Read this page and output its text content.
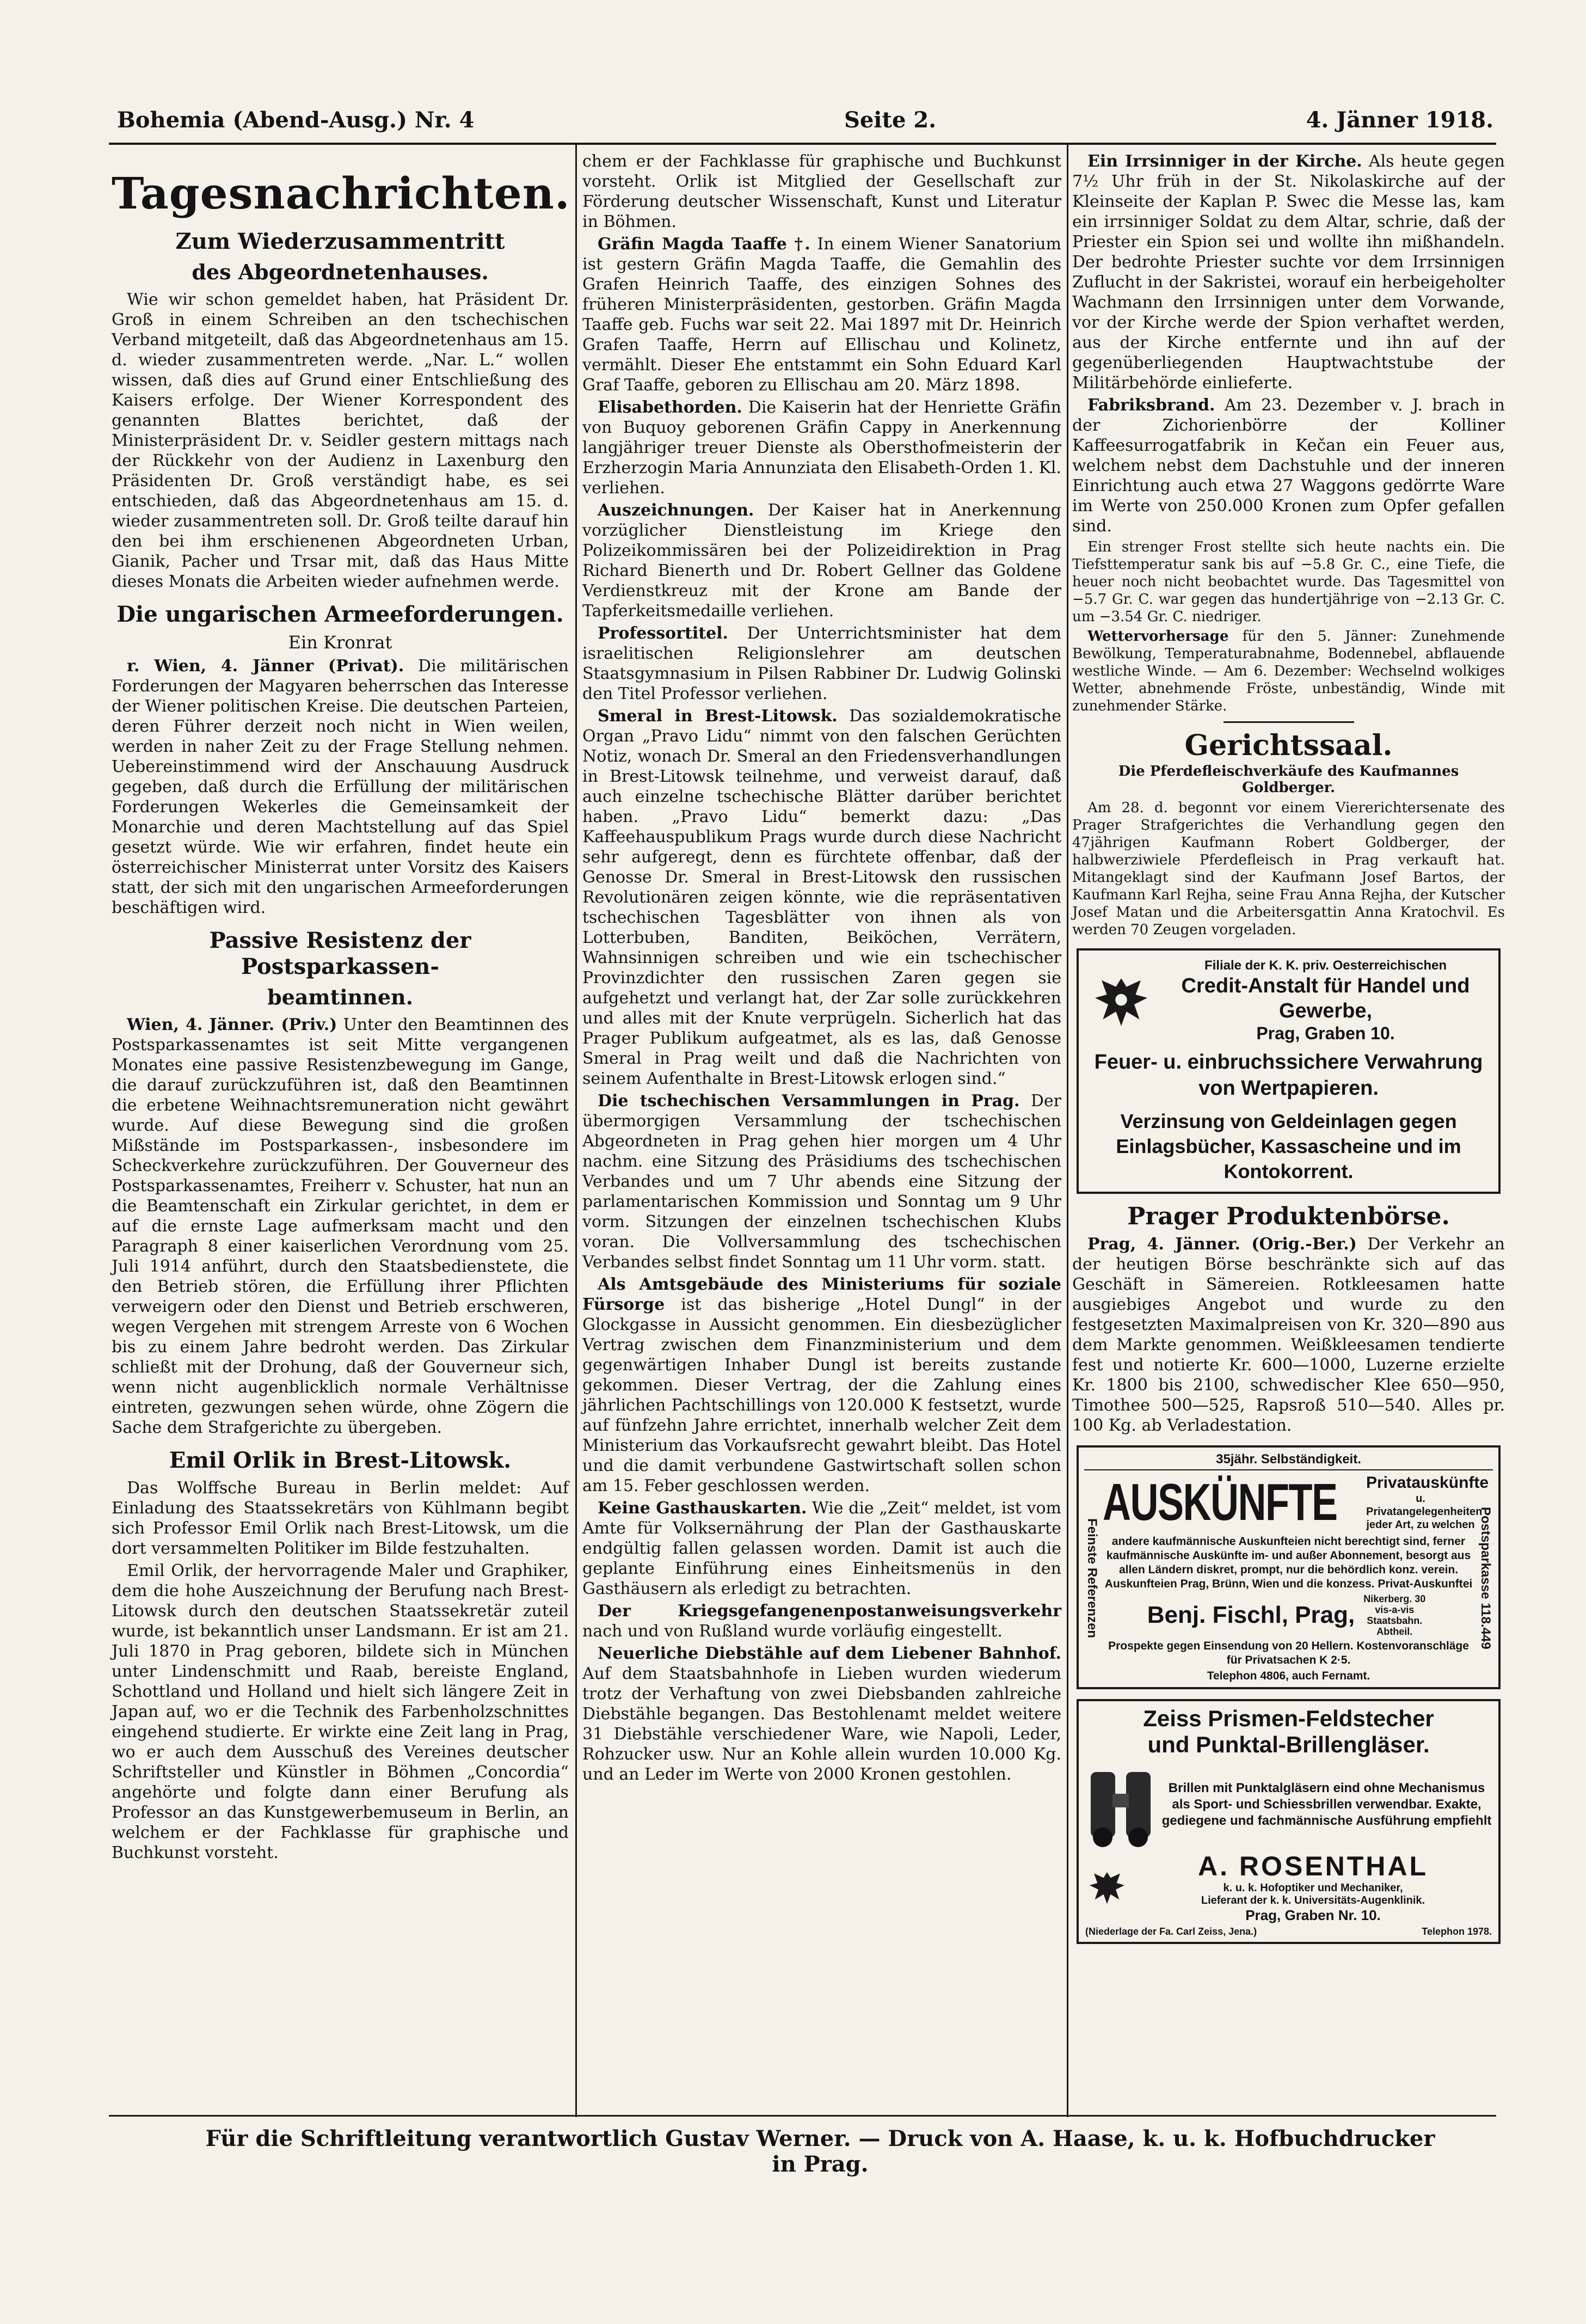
Bohemia (Abend-Ausg.) Nr. 4	Seite 2.	4. Jänner 1918.
Tagesnachrichten.
Zum Wiederzusammentritt
des Abgeordnetenhauses.

Wie wir schon gemeldet haben, hat Präsident Dr. Groß in einem Schreiben an den tschechischen Verband mitgeteilt, daß das Abgeordnetenhaus am 15. d. wieder zusammentreten werde. „Nar. L.“ wollen wissen, daß dies auf Grund einer Entschließung des Kaisers erfolge. Der Wiener Korrespondent des genannten Blattes berichtet, daß der Ministerpräsident Dr. v. Seidler gestern mittags nach der Rückkehr von der Audienz in Laxenburg den Präsidenten Dr. Groß verständigt habe, es sei entschieden, daß das Abgeordnetenhaus am 15. d. wieder zusammentreten soll. Dr. Groß teilte darauf hin den bei ihm erschienenen Abgeordneten Urban, Gianik, Pacher und Trsar mit, daß das Haus Mitte dieses Monats die Arbeiten wieder aufnehmen werde.

Die ungarischen Armeeforderungen.
Ein Kronrat

r. Wien, 4. Jänner (Privat). Die militärischen Forderungen der Magyaren beherrschen das Interesse der Wiener politischen Kreise. Die deutschen Parteien, deren Führer derzeit noch nicht in Wien weilen, werden in naher Zeit zu der Frage Stellung nehmen. Uebereinstimmend wird der Anschauung Ausdruck gegeben, daß durch die Erfüllung der militärischen Forderungen Wekerles die Gemeinsamkeit der Monarchie und deren Machtstellung auf das Spiel gesetzt würde. Wie wir erfahren, findet heute ein österreichischer Ministerrat unter Vorsitz des Kaisers statt, der sich mit den ungarischen Armeeforderungen beschäftigen wird.

Passive Resistenz der Postsparkassen-
beamtinnen.

Wien, 4. Jänner. (Priv.) Unter den Beamtinnen des Postsparkassenamtes ist seit Mitte vergangenen Monates eine passive Resistenzbewegung im Gange, die darauf zurückzuführen ist, daß den Beamtinnen die erbetene Weihnachtsremuneration nicht gewährt wurde. Auf diese Bewegung sind die großen Mißstände im Postsparkassen-, insbesondere im Scheckverkehre zurückzuführen. Der Gouverneur des Postsparkassenamtes, Freiherr v. Schuster, hat nun an die Beamtenschaft ein Zirkular gerichtet, in dem er auf die ernste Lage aufmerksam macht und den Paragraph 8 einer kaiserlichen Verordnung vom 25. Juli 1914 anführt, durch den Staatsbedienstete, die den Betrieb stören, die Erfüllung ihrer Pflichten verweigern oder den Dienst und Betrieb erschweren, wegen Vergehen mit strengem Arreste von 6 Wochen bis zu einem Jahre bedroht werden. Das Zirkular schließt mit der Drohung, daß der Gouverneur sich, wenn nicht augenblicklich normale Verhältnisse eintreten, gezwungen sehen würde, ohne Zögern die Sache dem Strafgerichte zu übergeben.

Emil Orlik in Brest-Litowsk.

Das Wolffsche Bureau in Berlin meldet: Auf Einladung des Staatssekretärs von Kühlmann begibt sich Professor Emil Orlik nach Brest-Litowsk, um die dort versammelten Politiker im Bilde festzuhalten.

Emil Orlik, der hervorragende Maler und Graphiker, dem die hohe Auszeichnung der Berufung nach Brest-Litowsk durch den deutschen Staatssekretär zuteil wurde, ist bekanntlich unser Landsmann. Er ist am 21. Juli 1870 in Prag geboren, bildete sich in München unter Lindenschmitt und Raab, bereiste England, Schottland und Holland und hielt sich längere Zeit in Japan auf, wo er die Technik des Farbenholzschnittes eingehend studierte. Er wirkte eine Zeit lang in Prag, wo er auch dem Ausschuß des Vereines deutscher Schriftsteller und Künstler in Böhmen „Concordia“ angehörte und folgte dann einer Berufung als Professor an das Kunstgewerbemuseum in Berlin, an welchem er der Fachklasse für graphische und Buchkunst vorsteht.

chem er der Fachklasse für graphische und Buchkunst vorsteht. Orlik ist Mitglied der Gesellschaft zur Förderung deutscher Wissenschaft, Kunst und Literatur in Böhmen.

Gräfin Magda Taaffe †. In einem Wiener Sanatorium ist gestern Gräfin Magda Taaffe, die Gemahlin des Grafen Heinrich Taaffe, des einzigen Sohnes des früheren Ministerpräsidenten, gestorben. Gräfin Magda Taaffe geb. Fuchs war seit 22. Mai 1897 mit Dr. Heinrich Grafen Taaffe, Herrn auf Ellischau und Kolinetz, vermählt. Dieser Ehe entstammt ein Sohn Eduard Karl Graf Taaffe, geboren zu Ellischau am 20. März 1898.

Elisabethorden. Die Kaiserin hat der Henriette Gräfin von Buquoy geborenen Gräfin Cappy in Anerkennung langjähriger treuer Dienste als Obersthofmeisterin der Erzherzogin Maria Annunziata den Elisabeth-Orden 1. Kl. verliehen.

Auszeichnungen. Der Kaiser hat in Anerkennung vorzüglicher Dienstleistung im Kriege den Polizeikommissären bei der Polizeidirektion in Prag Richard Bienerth und Dr. Robert Gellner das Goldene Verdienstkreuz mit der Krone am Bande der Tapferkeitsmedaille verliehen.

Professortitel. Der Unterrichtsminister hat dem israelitischen Religionslehrer am deutschen Staatsgymnasium in Pilsen Rabbiner Dr. Ludwig Golinski den Titel Professor verliehen.

Smeral in Brest-Litowsk. Das sozialdemokratische Organ „Pravo Lidu“ nimmt von den falschen Gerüchten Notiz, wonach Dr. Smeral an den Friedensverhandlungen in Brest-Litowsk teilnehme, und verweist darauf, daß auch einzelne tschechische Blätter darüber berichtet haben. „Pravo Lidu“ bemerkt dazu: „Das Kaffeehauspublikum Prags wurde durch diese Nachricht sehr aufgeregt, denn es fürchtete offenbar, daß der Genosse Dr. Smeral in Brest-Litowsk den russischen Revolutionären zeigen könnte, wie die repräsentativen tschechischen Tagesblätter von ihnen als von Lotterbuben, Banditen, Beiköchen, Verrätern, Wahnsinnigen schreiben und wie ein tschechischer Provinzdichter den russischen Zaren gegen sie aufgehetzt und verlangt hat, der Zar solle zurückkehren und alles mit der Knute verprügeln. Sicherlich hat das Prager Publikum aufgeatmet, als es las, daß Genosse Smeral in Prag weilt und daß die Nachrichten von seinem Aufenthalte in Brest-Litowsk erlogen sind.“

Die tschechischen Versammlungen in Prag. Der übermorgigen Versammlung der tschechischen Abgeordneten in Prag gehen hier morgen um 4 Uhr nachm. eine Sitzung des Präsidiums des tschechischen Verbandes und um 7 Uhr abends eine Sitzung der parlamentarischen Kommission und Sonntag um 9 Uhr vorm. Sitzungen der einzelnen tschechischen Klubs voran. Die Vollversammlung des tschechischen Verbandes selbst findet Sonntag um 11 Uhr vorm. statt.

Als Amtsgebäude des Ministeriums für soziale Fürsorge ist das bisherige „Hotel Dungl“ in der Glockgasse in Aussicht genommen. Ein diesbezüglicher Vertrag zwischen dem Finanzministerium und dem gegenwärtigen Inhaber Dungl ist bereits zustande gekommen. Dieser Vertrag, der die Zahlung eines jährlichen Pachtschillings von 120.000 K festsetzt, wurde auf fünfzehn Jahre errichtet, innerhalb welcher Zeit dem Ministerium das Vorkaufsrecht gewahrt bleibt. Das Hotel und die damit verbundene Gastwirtschaft sollen schon am 15. Feber geschlossen werden.

Keine Gasthauskarten. Wie die „Zeit“ meldet, ist vom Amte für Volksernährung der Plan der Gasthauskarte endgültig fallen gelassen worden. Damit ist auch die geplante Einführung eines Einheitsmenüs in den Gasthäusern als erledigt zu betrachten.

Der Kriegsgefangenenpostanweisungsverkehr nach und von Rußland wurde vorläufig eingestellt.

Neuerliche Diebstähle auf dem Liebener Bahnhof. Auf dem Staatsbahnhofe in Lieben wurden wiederum trotz der Verhaftung von zwei Diebsbanden zahlreiche Diebstähle begangen. Das Bestohlenamt meldet weitere 31 Diebstähle verschiedener Ware, wie Napoli, Leder, Rohzucker usw. Nur an Kohle allein wurden 10.000 Kg. und an Leder im Werte von 2000 Kronen gestohlen.

Ein Irrsinniger in der Kirche. Als heute gegen 7½ Uhr früh in der St. Nikolaskirche auf der Kleinseite der Kaplan P. Swec die Messe las, kam ein irrsinniger Soldat zu dem Altar, schrie, daß der Priester ein Spion sei und wollte ihn mißhandeln. Der bedrohte Priester suchte vor dem Irrsinnigen Zuflucht in der Sakristei, worauf ein herbeigeholter Wachmann den Irrsinnigen unter dem Vorwande, vor der Kirche werde der Spion verhaftet werden, aus der Kirche entfernte und ihn auf der gegenüberliegenden Hauptwachtstube der Militärbehörde einlieferte.

Fabriksbrand. Am 23. Dezember v. J. brach in der Zichorienbörre der Kolliner Kaffeesurrogatfabrik in Kečan ein Feuer aus, welchem nebst dem Dachstuhle und der inneren Einrichtung auch etwa 27 Waggons gedörrte Ware im Werte von 250.000 Kronen zum Opfer gefallen sind.

Ein strenger Frost stellte sich heute nachts ein. Die Tiefsttemperatur sank bis auf −5.8 Gr. C., eine Tiefe, die heuer noch nicht beobachtet wurde. Das Tagesmittel von −5.7 Gr. C. war gegen das hundertjährige von −2.13 Gr. C. um −3.54 Gr. C. niedriger.

Wettervorhersage für den 5. Jänner: Zunehmende Bewölkung, Temperaturabnahme, Bodennebel, abflauende westliche Winde. — Am 6. Dezember: Wechselnd wolkiges Wetter, abnehmende Fröste, unbeständig, Winde mit zunehmender Stärke.

Gerichtssaal.
Die Pferdefleischverkäufe des Kaufmannes Goldberger.

Am 28. d. begonnt vor einem Viererichtersenate des Prager Strafgerichtes die Verhandlung gegen den 47jährigen Kaufmann Robert Goldberger, der halbwerziwiele Pferdefleisch in Prag verkauft hat. Mitangeklagt sind der Kaufmann Josef Bartos, der Kaufmann Karl Rejha, seine Frau Anna Rejha, der Kutscher Josef Matan und die Arbeitersgattin Anna Kratochvil. Es werden 70 Zeugen vorgeladen.

Filiale der K. K. priv. Oesterreichischen
Credit-Anstalt für Handel und Gewerbe,
Prag, Graben 10.
Feuer- u. einbruchssichere Verwahrung von Wertpapieren.
Verzinsung von Geldeinlagen gegen Einlagsbücher, Kassascheine und im Kontokorrent.
Prager Produktenbörse.

Prag, 4. Jänner. (Orig.-Ber.) Der Verkehr an der heutigen Börse beschränkte sich auf das Geschäft in Sämereien. Rotkleesamen hatte ausgiebiges Angebot und wurde zu den festgesetzten Maximalpreisen von Kr. 320—890 aus dem Markte genommen. Weißkleesamen tendierte fest und notierte Kr. 600—1000, Luzerne erzielte Kr. 1800 bis 2100, schwedischer Klee 650—950, Timothee 500—525, Rapsroß 510—540. Alles pr. 100 Kg. ab Verladestation.

35jähr. Selbständigkeit.
Feinste Referenzen
AUSKÜNFTE Privatauskünfte
u. Privatangelegenheiten jeder Art, zu welchen
andere kaufmännische Auskunfteien nicht berechtigt sind, ferner kaufmännische Auskünfte im- und außer Abonnement, besorgt aus allen Ländern diskret, prompt, nur die behördlich konz. verein. Auskunfteien Prag, Brünn, Wien und die konzess. Privat-Auskunftei
Benj. Fischl, Prag,
Nikerberg. 30 vis-a-vis Staatsbahn. Abtheil.
Prospekte gegen Einsendung von 20 Hellern. Kostenvoranschläge für Privatsachen K 2·5.
Telephon 4806, auch Fernamt.
Postsparkasse 118.449
Zeiss Prismen-Feldstecher
und Punktal-Brillengläser.
Brillen mit Punktalgläsern eind ohne Mechanismus als Sport- und Schiessbrillen verwendbar. Exakte, gediegene und fachmännische Ausführung empfiehlt
A. ROSENTHAL
k. u. k. Hofoptiker und Mechaniker,
Lieferant der k. k. Universitäts-Augenklinik.
Prag, Graben Nr. 10.
(Niederlage der Fa. Carl Zeiss, Jena.)	Telephon 1978.
Für die Schriftleitung verantwortlich Gustav Werner. — Druck von A. Haase, k. u. k. Hofbuchdrucker in Prag.
